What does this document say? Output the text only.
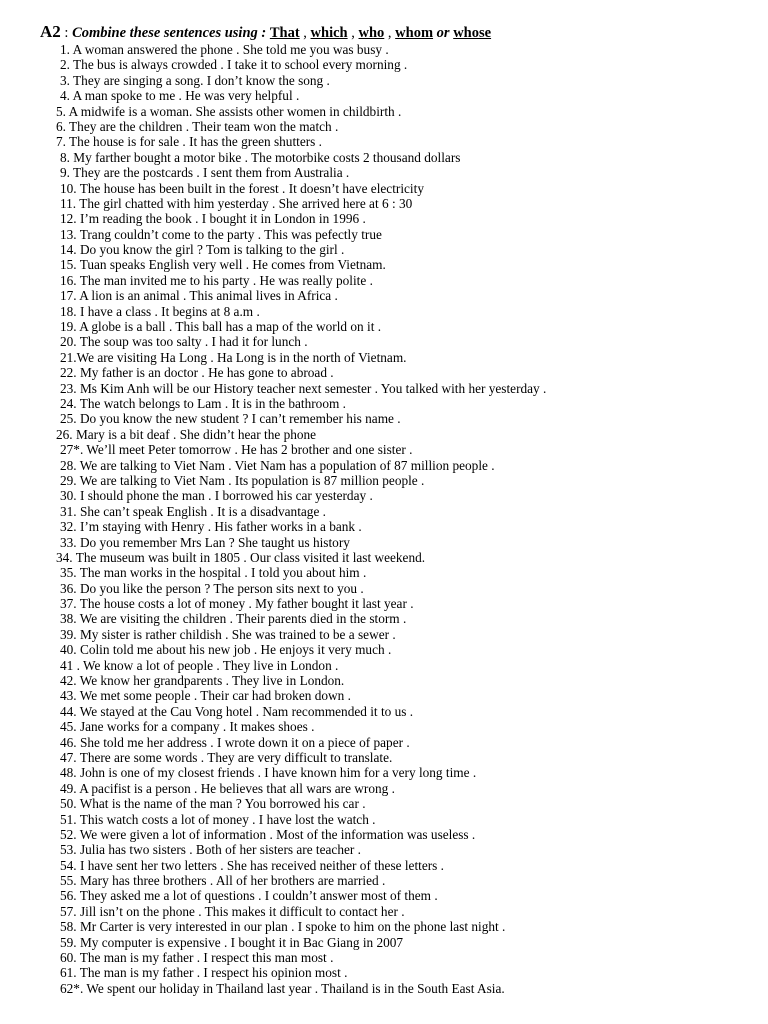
A2 : Combine these sentences using : That , which , who , whom or whose
1. A woman answered the phone . She told me you was busy .
2. The bus is always crowded . I take it to school every morning .
3. They are singing a song. I don’t know the song .
4. A man spoke to me . He was very helpful .
5. A midwife is a woman. She assists other women in childbirth .
6. They are the children . Their team won the match .
7. The house is for sale . It has the green shutters .
8. My farther bought a motor bike . The motorbike costs 2 thousand dollars
9. They are the postcards . I sent them from Australia .
10. The house has been built in the forest . It doesn’t have electricity
11. The girl chatted with him yesterday . She arrived here at 6 : 30
12. I’m reading the book . I bought it in London in 1996 .
13. Trang couldn’t come to the party . This was pefectly true
14. Do you know the girl ? Tom is talking to the girl .
15. Tuan speaks English very well . He comes from Vietnam.
16. The man invited me to his party . He was really polite .
17. A lion is an animal . This animal lives in Africa .
18. I have a class . It begins at 8 a.m .
19. A globe is a ball . This ball has a map of the world on it .
20. The soup was too salty . I had it for lunch .
21.We are visiting Ha Long . Ha Long is in the north of Vietnam.
22. My father is an doctor . He has gone to abroad .
23. Ms Kim Anh will be our History teacher next semester . You talked with her yesterday .
24. The watch belongs to Lam . It is in the bathroom .
25. Do you know the new student ? I can’t remember his name .
26. Mary is a bit deaf . She didn’t hear the phone
27*. We’ll meet Peter tomorrow . He has 2 brother and one sister .
28. We are talking to Viet Nam . Viet Nam has a population of 87 million people .
29. We are talking to Viet Nam . Its population is 87 million people .
30. I should phone the man . I borrowed his car yesterday .
31. She can’t speak English . It is a disadvantage .
32. I’m staying with Henry . His father works in a bank .
33. Do you remember Mrs Lan ? She taught us history
34. The museum was built in 1805 . Our class visited it last weekend.
35. The man works in the hospital . I told you about him .
36. Do you like the person ? The person sits next to you .
37. The house costs a lot of money . My father bought it last year .
38. We are visiting the children . Their parents died in the storm .
39. My sister is rather childish . She was trained to be a sewer .
40. Colin told me about his new job . He enjoys it very much .
41 . We know a lot of people . They live in London .
42. We know her grandparents . They live in London.
43. We met some people . Their car had broken down .
44. We stayed at the Cau Vong hotel . Nam recommended it to us .
45. Jane works for a company . It makes shoes .
46. She told me her address . I wrote down it on a piece of paper .
47. There are some words . They are very difficult to translate.
48. John is one of my closest friends . I have known him for a very long time .
49. A pacifist is a person . He believes that all wars are wrong .
50. What is the name of the man ? You borrowed his car .
51. This watch costs a lot of money . I have lost the watch .
52. We were given a lot of information . Most of the information was useless .
53. Julia has two sisters . Both of her sisters are teacher .
54. I have sent her two letters . She has received neither of these letters .
55. Mary has three brothers . All of her brothers are married .
56. They asked me a lot of questions . I couldn’t answer most of them .
57. Jill isn’t on the phone . This makes it difficult to contact her .
58. Mr Carter is very interested in our plan . I spoke to him on the phone last night .
59. My computer is expensive . I bought it in Bac Giang in 2007
60. The man is my father . I respect this man most .
61. The man is my father . I respect his opinion most .
62*. We spent our holiday in Thailand last year . Thailand is in the South East Asia.
